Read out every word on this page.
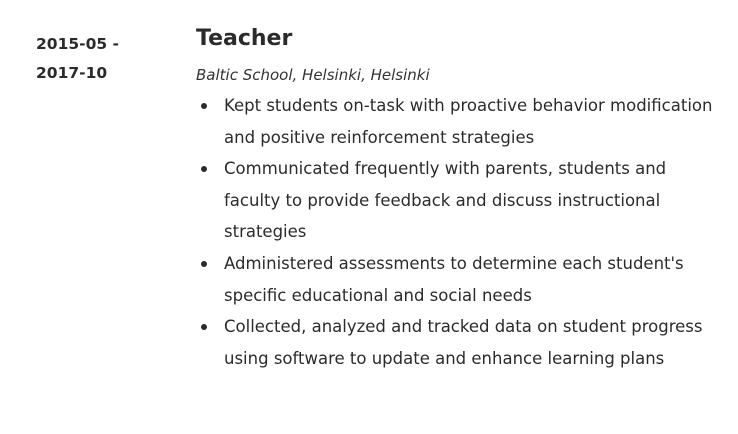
2015-05 -
2017-10
Teacher
Baltic School, Helsinki, Helsinki
Kept students on-task with proactive behavior modification and positive reinforcement strategies
Communicated frequently with parents, students and faculty to provide feedback and discuss instructional strategies
Administered assessments to determine each student's specific educational and social needs
Collected, analyzed and tracked data on student progress using software to update and enhance learning plans
